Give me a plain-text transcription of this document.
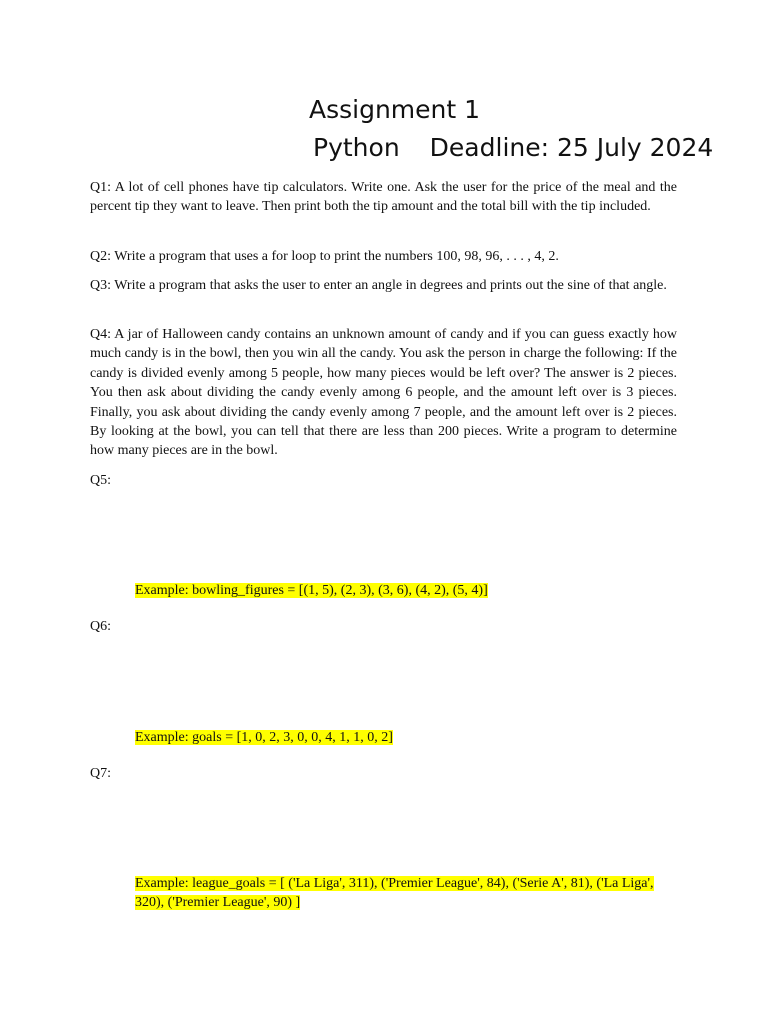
Assignment 1
Python Deadline: 25 July 2024

Q1: A lot of cell phones have tip calculators. Write one. Ask the user for the price of the meal and the percent tip they want to leave. Then print both the tip amount and the total bill with the tip included.

Q2: Write a program that uses a for loop to print the numbers 100, 98, 96, . . . , 4, 2.

Q3: Write a program that asks the user to enter an angle in degrees and prints out the sine of that angle.

Q4: A jar of Halloween candy contains an unknown amount of candy and if you can guess exactly how much candy is in the bowl, then you win all the candy. You ask the person in charge the following: If the candy is divided evenly among 5 people, how many pieces would be left over? The answer is 2 pieces. You then ask about dividing the candy evenly among 6 people, and the amount left over is 3 pieces. Finally, you ask about dividing the candy evenly among 7 people, and the amount left over is 2 pieces. By looking at the bowl, you can tell that there are less than 200 pieces. Write a program to determine how many pieces are in the bowl.

Q5:

Example: bowling_figures = [(1, 5), (2, 3), (3, 6), (4, 2), (5, 4)]

Q6:

Example: goals = [1, 0, 2, 3, 0, 0, 4, 1, 1, 0, 2]

Q7:

Example: league_goals = [ ('La Liga', 311), ('Premier League', 84), ('Serie A', 81), ('La Liga', 320), ('Premier League', 90) ]
